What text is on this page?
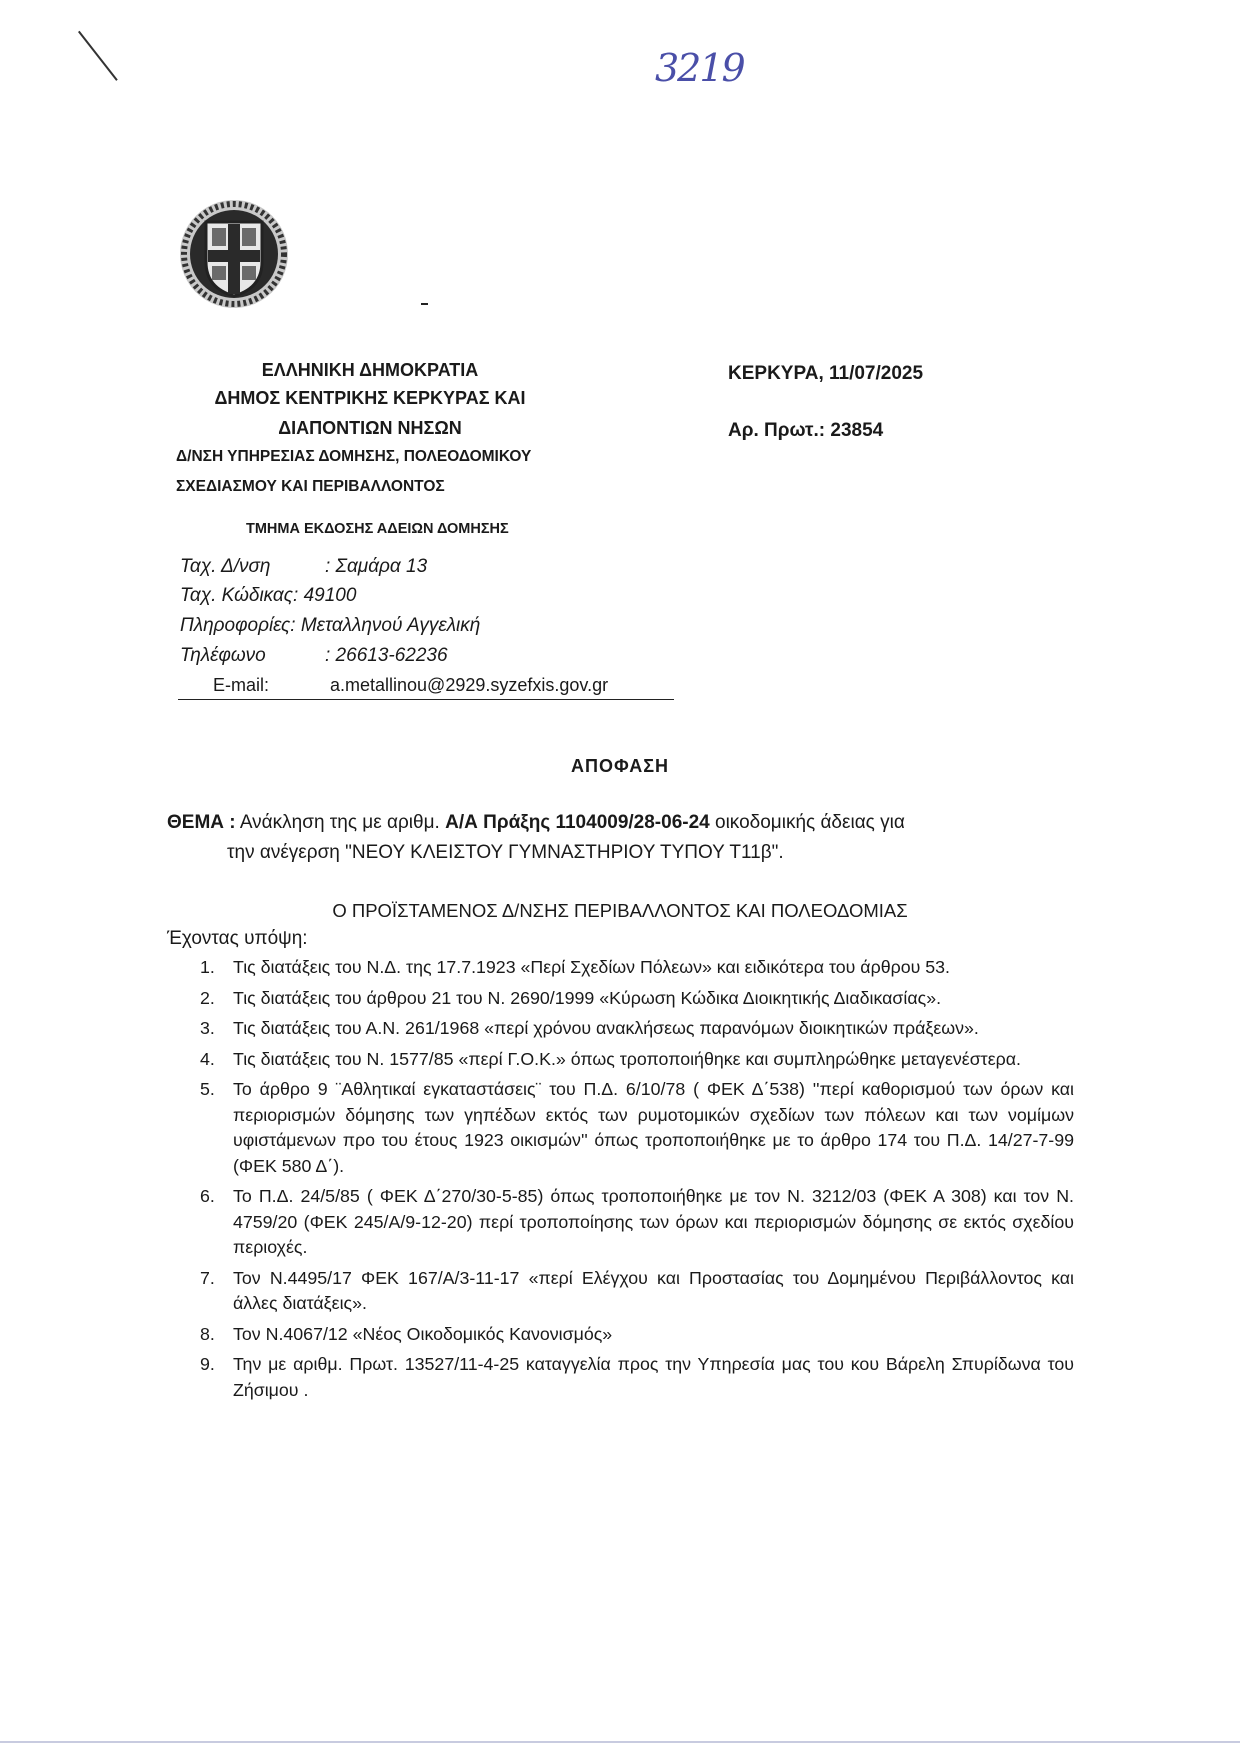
3219
ΕΛΛΗΝΙΚΗ ΔΗΜΟΚΡΑΤΙΑ
ΔΗΜΟΣ ΚΕΝΤΡΙΚΗΣ ΚΕΡΚΥΡΑΣ ΚΑΙ
ΔΙΑΠΟΝΤΙΩΝ ΝΗΣΩΝ
Δ/ΝΣΗ ΥΠΗΡΕΣΙΑΣ ΔΟΜΗΣΗΣ, ΠΟΛΕΟΔΟΜΙΚΟΥ
ΣΧΕΔΙΑΣΜΟΥ ΚΑΙ ΠΕΡΙΒΑΛΛΟΝΤΟΣ
ΤΜΗΜΑ ΕΚΔΟΣΗΣ ΑΔΕΙΩΝ ΔΟΜΗΣΗΣ
ΚΕΡΚΥΡΑ, 11/07/2025
Αρ. Πρωτ.: 23854
Ταχ. Δ/νση	: Σαμάρα 13
Ταχ. Κώδικας: 49100
Πληροφορίες: Μεταλληνού Αγγελική
Τηλέφωνο	: 26613-62236
E-mail:	a.metallinou@2929.syzefxis.gov.gr
ΑΠΟΦΑΣΗ
ΘΕΜΑ : Ανάκληση της με αριθμ. Α/Α Πράξης 1104009/28-06-24 οικοδομικής άδειας για
την ανέγερση "ΝΕΟΥ ΚΛΕΙΣΤΟΥ ΓΥΜΝΑΣΤΗΡΙΟΥ ΤΥΠΟΥ Τ11β".
Ο ΠΡΟΪΣΤΑΜΕΝΟΣ Δ/ΝΣΗΣ ΠΕΡΙΒΑΛΛΟΝΤΟΣ ΚΑΙ ΠΟΛΕΟΔΟΜΙΑΣ
Έχοντας υπόψη:
1.	Τις διατάξεις του Ν.Δ. της 17.7.1923 «Περί Σχεδίων Πόλεων» και ειδικότερα του άρθρου 53.
2.	Τις διατάξεις του άρθρου 21 του Ν. 2690/1999 «Κύρωση Κώδικα Διοικητικής Διαδικασίας».
3.	Τις διατάξεις του Α.Ν. 261/1968 «περί χρόνου ανακλήσεως παρανόμων διοικητικών πράξεων».
4.	Τις διατάξεις του Ν. 1577/85 «περί Γ.Ο.Κ.» όπως τροποποιήθηκε και συμπληρώθηκε μεταγενέστερα.
5.	Το άρθρο 9 ¨Αθλητικαί εγκαταστάσεις¨ του Π.Δ. 6/10/78 ( ΦΕΚ Δ΄538) ''περί καθορισμού των όρων και περιορισμών δόμησης των γηπέδων εκτός των ρυμοτομικών σχεδίων των πόλεων και των νομίμων υφιστάμενων προ του έτους 1923 οικισμών'' όπως τροποποιήθηκε με το άρθρο 174 του Π.Δ. 14/27-7-99 (ΦΕΚ 580 Δ΄).
6.	Το Π.Δ. 24/5/85 ( ΦΕΚ Δ΄270/30-5-85) όπως τροποποιήθηκε με τον Ν. 3212/03 (ΦΕΚ Α 308) και τον Ν. 4759/20 (ΦΕΚ 245/Α/9-12-20) περί τροποποίησης των όρων και περιορισμών δόμησης σε εκτός σχεδίου περιοχές.
7.	Τον Ν.4495/17 ΦΕΚ 167/Α/3-11-17 «περί Ελέγχου και Προστασίας του Δομημένου Περιβάλλοντος και άλλες διατάξεις».
8.	Τον Ν.4067/12 «Νέος Οικοδομικός Κανονισμός»
9.	Την με αριθμ. Πρωτ. 13527/11-4-25 καταγγελία προς την Υπηρεσία μας του κου Βάρελη Σπυρίδωνα του Ζήσιμου .
